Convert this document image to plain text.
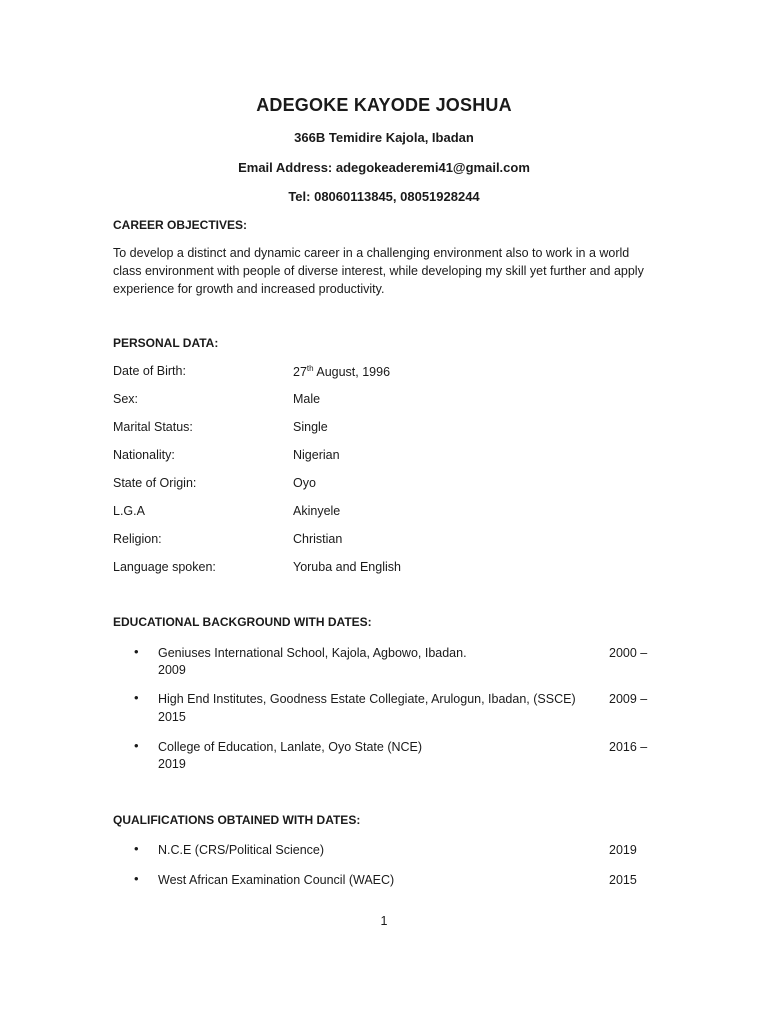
ADEGOKE KAYODE JOSHUA
366B Temidire Kajola, Ibadan
Email Address: adegokeaderemi41@gmail.com
Tel: 08060113845, 08051928244
CAREER OBJECTIVES:
To develop a distinct and dynamic career in a challenging environment also to work in a world class environment with people of diverse interest, while developing my skill yet further and apply experience for growth and increased productivity.
PERSONAL DATA:
Date of Birth:	27th August, 1996
Sex:	Male
Marital Status:	Single
Nationality:	Nigerian
State of Origin:	Oyo
L.G.A	Akinyele
Religion:	Christian
Language spoken:	Yoruba and English
EDUCATIONAL BACKGROUND WITH DATES:
• Geniuses International School, Kajola, Agbowo, Ibadan.	2000 –
2009
• High End Institutes, Goodness Estate Collegiate, Arulogun, Ibadan, (SSCE)	2009 –
2015
• College of Education, Lanlate, Oyo State (NCE)	2016 –
2019
QUALIFICATIONS OBTAINED WITH DATES:
• N.C.E (CRS/Political Science)	2019
• West African Examination Council (WAEC)	2015
1
